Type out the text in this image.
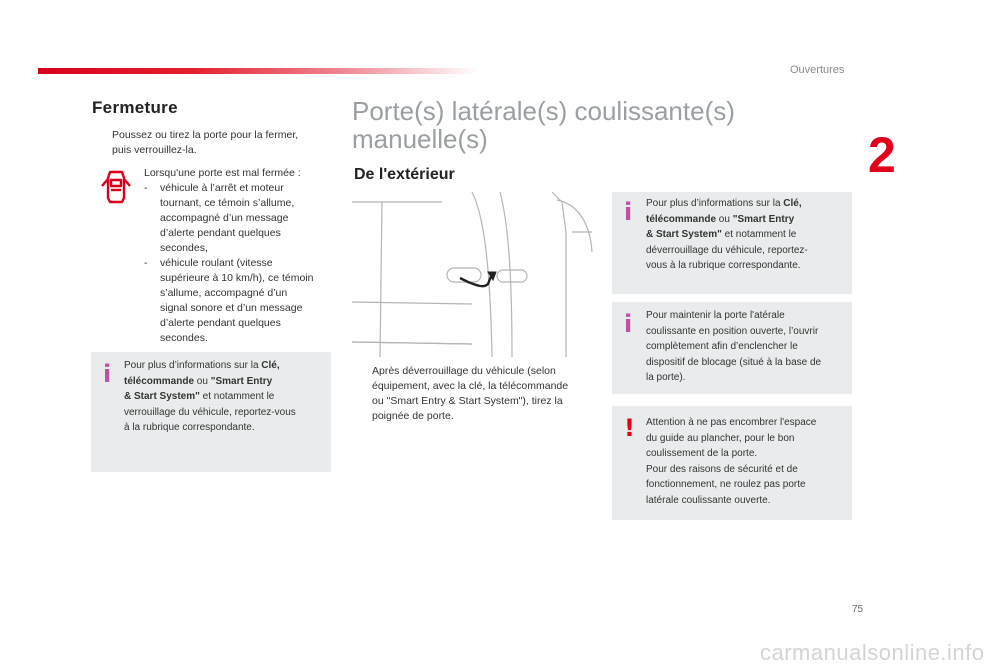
Ouvertures
2
75
Fermeture
Poussez ou tirez la porte pour la fermer,
puis verrouillez-la.
Lorsqu'une porte est mal fermée :
- véhicule à l’arrêt et moteur
tournant, ce témoin s’allume,
accompagné d’un message
d’alerte pendant quelques
secondes,
- véhicule roulant (vitesse
supérieure à 10 km/h), ce témoin
s’allume, accompagné d’un
signal sonore et d’un message
d’alerte pendant quelques
secondes.
i Pour plus d’informations sur la Clé,
télécommande ou "Smart Entry
& Start System" et notamment le
verrouillage du véhicule, reportez-vous
à la rubrique correspondante.
Porte(s) latérale(s) coulissante(s)
manuelle(s)
De l'extérieur
Après déverrouillage du véhicule (selon
équipement, avec la clé, la télécommande
ou "Smart Entry & Start System"), tirez la
poignée de porte.
i Pour plus d’informations sur la Clé,
télécommande ou "Smart Entry
& Start System" et notamment le
déverrouillage du véhicule, reportez-
vous à la rubrique correspondante.
i Pour maintenir la porte l'atérale
coulissante en position ouverte, l’ouvrir
complètement afin d’enclencher le
dispositif de blocage (situé à la base de
la porte).
! Attention à ne pas encombrer l'espace
du guide au plancher, pour le bon
coulissement de la porte.
Pour des raisons de sécurité et de
fonctionnement, ne roulez pas porte
latérale coulissante ouverte.
carmanualsonline.info
